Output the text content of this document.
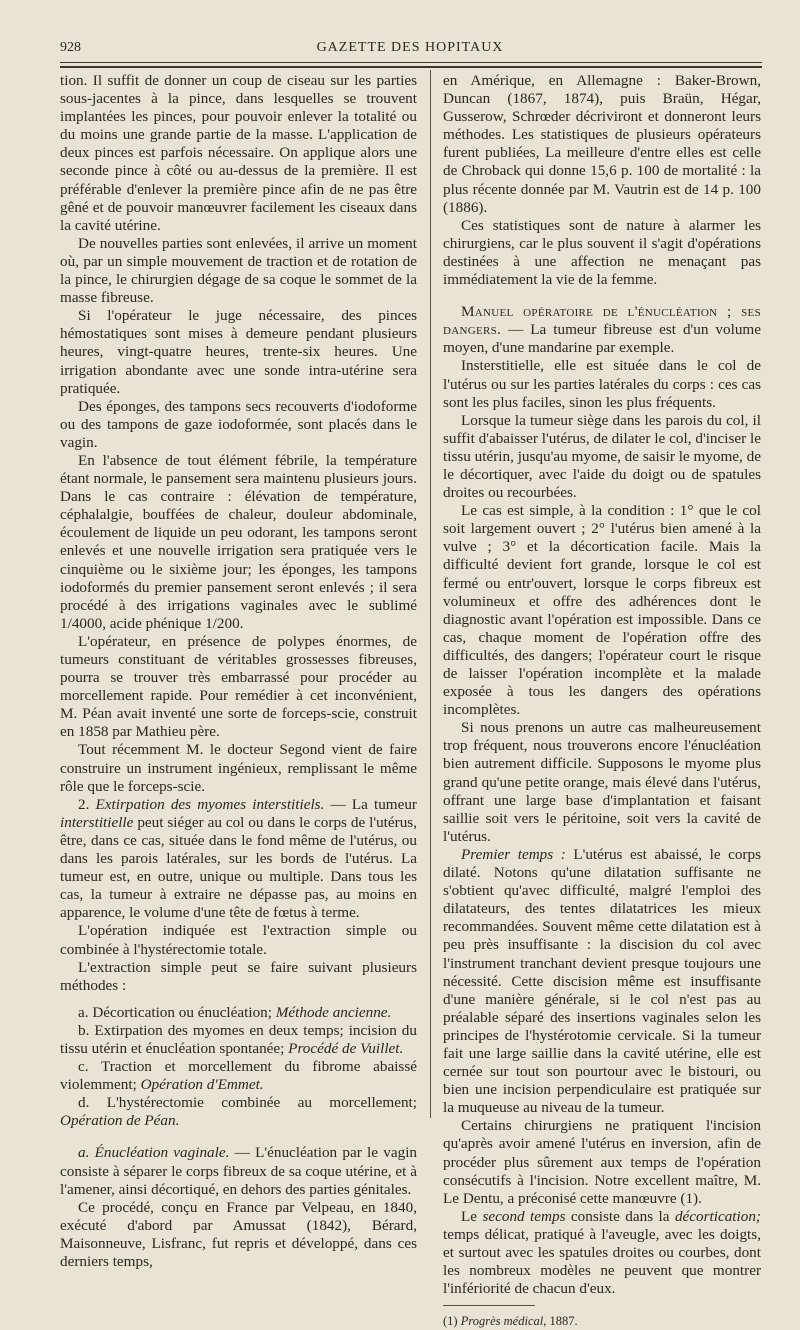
928	GAZETTE DES HOPITAUX

tion. Il suffit de donner un coup de ciseau sur les parties sous-jacentes à la pince, dans lesquelles se trouvent implantées les pinces, pour pouvoir enlever la totalité ou du moins une grande partie de la masse. L'application de deux pinces est parfois nécessaire. On applique alors une seconde pince à côté ou au-dessus de la première. Il est préférable d'enlever la première pince afin de ne pas être gêné et de pouvoir manœuvrer facilement les ciseaux dans la cavité utérine.

De nouvelles parties sont enlevées, il arrive un moment où, par un simple mouvement de traction et de rotation de la pince, le chirurgien dégage de sa coque le sommet de la masse fibreuse.

Si l'opérateur le juge nécessaire, des pinces hémostatiques sont mises à demeure pendant plusieurs heures, vingt-quatre heures, trente-six heures. Une irrigation abondante avec une sonde intra-utérine sera pratiquée.

Des éponges, des tampons secs recouverts d'iodoforme ou des tampons de gaze iodoformée, sont placés dans le vagin.

En l'absence de tout élément fébrile, la température étant normale, le pansement sera maintenu plusieurs jours. Dans le cas contraire : élévation de température, céphalalgie, bouffées de chaleur, douleur abdominale, écoulement de liquide un peu odorant, les tampons seront enlevés et une nouvelle irrigation sera pratiquée vers le cinquième ou le sixième jour; les éponges, les tampons iodoformés du premier pansement seront enlevés ; il sera procédé à des irrigations vaginales avec le sublimé 1/4000, acide phénique 1/200.

L'opérateur, en présence de polypes énormes, de tumeurs constituant de véritables grossesses fibreuses, pourra se trouver très embarrassé pour procéder au morcellement rapide. Pour remédier à cet inconvénient, M. Péan avait inventé une sorte de forceps-scie, construit en 1858 par Mathieu père.

Tout récemment M. le docteur Segond vient de faire construire un instrument ingénieux, remplissant le même rôle que le forceps-scie.

2. Extirpation des myomes interstitiels. — La tumeur interstitielle peut siéger au col ou dans le corps de l'utérus, être, dans ce cas, située dans le fond même de l'utérus, ou dans les parois latérales, sur les bords de l'utérus. La tumeur est, en outre, unique ou multiple. Dans tous les cas, la tumeur à extraire ne dépasse pas, au moins en apparence, le volume d'une tête de fœtus à terme.

L'opération indiquée est l'extraction simple ou combinée à l'hystérectomie totale.

L'extraction simple peut se faire suivant plusieurs méthodes :

a. Décortication ou énucléation; Méthode ancienne.

b. Extirpation des myomes en deux temps; incision du tissu utérin et énucléation spontanée; Procédé de Vuillet.

c. Traction et morcellement du fibrome abaissé violemment; Opération d'Emmet.

d. L'hystérectomie combinée au morcellement; Opération de Péan.

a. Énucléation vaginale. — L'énucléation par le vagin consiste à séparer le corps fibreux de sa coque utérine, et à l'amener, ainsi décortiqué, en dehors des parties génitales.

Ce procédé, conçu en France par Velpeau, en 1840, exécuté d'abord par Amussat (1842), Bérard, Maisonneuve, Lisfranc, fut repris et développé, dans ces derniers temps,

en Amérique, en Allemagne : Baker-Brown, Duncan (1867, 1874), puis Braün, Hégar, Gusserow, Schrœder décriviront et donneront leurs méthodes. Les statistiques de plusieurs opérateurs furent publiées, La meilleure d'entre elles est celle de Chroback qui donne 15,6 p. 100 de mortalité : la plus récente donnée par M. Vautrin est de 14 p. 100 (1886).

Ces statistiques sont de nature à alarmer les chirurgiens, car le plus souvent il s'agit d'opérations destinées à une affection ne menaçant pas immédiatement la vie de la femme.

Manuel opératoire de l'énucléation ; ses dangers. — La tumeur fibreuse est d'un volume moyen, d'une mandarine par exemple.

Insterstitielle, elle est située dans le col de l'utérus ou sur les parties latérales du corps : ces cas sont les plus faciles, sinon les plus fréquents.

Lorsque la tumeur siège dans les parois du col, il suffit d'abaisser l'utérus, de dilater le col, d'inciser le tissu utérin, jusqu'au myome, de saisir le myome, de le décortiquer, avec l'aide du doigt ou de spatules droites ou recourbées.

Le cas est simple, à la condition : 1° que le col soit largement ouvert ; 2° l'utérus bien amené à la vulve ; 3° et la décortication facile. Mais la difficulté devient fort grande, lorsque le col est fermé ou entr'ouvert, lorsque le corps fibreux est volumineux et offre des adhérences dont le diagnostic avant l'opération est impossible. Dans ce cas, chaque moment de l'opération offre des difficultés, des dangers; l'opérateur court le risque de laisser l'opération incomplète et la malade exposée à tous les dangers des opérations incomplètes.

Si nous prenons un autre cas malheureusement trop fréquent, nous trouverons encore l'énucléation bien autrement difficile. Supposons le myome plus grand qu'une petite orange, mais élevé dans l'utérus, offrant une large base d'implantation et faisant saillie soit vers le péritoine, soit vers la cavité de l'utérus.

Premier temps : L'utérus est abaissé, le corps dilaté. Notons qu'une dilatation suffisante ne s'obtient qu'avec difficulté, malgré l'emploi des dilatateurs, des tentes dilatatrices les mieux recommandées. Souvent même cette dilatation est à peu près insuffisante : la discision du col avec l'instrument tranchant devient presque toujours une nécessité. Cette discision même est insuffisante d'une manière générale, si le col n'est pas au préalable séparé des insertions vaginales selon les principes de l'hystérotomie cervicale. Si la tumeur fait une large saillie dans la cavité utérine, elle est cernée sur tout son pourtour avec le bistouri, ou bien une incision perpendiculaire est pratiquée sur la muqueuse au niveau de la tumeur.

Certains chirurgiens ne pratiquent l'incision qu'après avoir amené l'utérus en inversion, afin de procéder plus sûrement aux temps de l'opération consécutifs à l'incision. Notre excellent maître, M. Le Dentu, a préconisé cette manœuvre (1).

Le second temps consiste dans la décortication; temps délicat, pratiqué à l'aveugle, avec les doigts, et surtout avec les spatules droites ou courbes, dont les nombreux modèles ne peuvent que montrer l'infériorité de chacun d'eux.

(1) Progrès médical, 1887.
